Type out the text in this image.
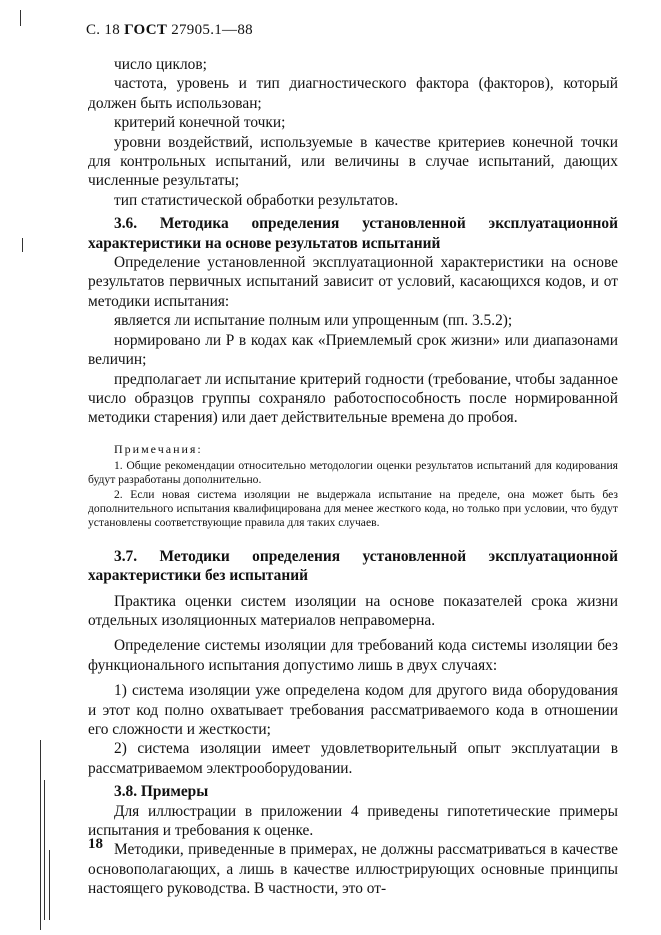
С. 18 ГОСТ 27905.1—88

число циклов;

частота, уровень и тип диагностического фактора (факторов), который должен быть использован;

критерий конечной точки;

уровни воздействий, используемые в качестве критериев конечной точки для контрольных испытаний, или величины в случае испытаний, дающих численные результаты;

тип статистической обработки результатов.

3.6. Методика определения установленной эксплуатационной характеристики на основе результатов испытаний

Определение установленной эксплуатационной характеристики на основе результатов первичных испытаний зависит от условий, касающихся кодов, и от методики испытания:

является ли испытание полным или упрощенным (пп. 3.5.2);

нормировано ли Р в кодах как «Приемлемый срок жизни» или диапазонами величин;

предполагает ли испытание критерий годности (требование, чтобы заданное число образцов группы сохраняло работоспособность после нормированной методики старения) или дает действительные времена до пробоя.

Примечания:

1. Общие рекомендации относительно методологии оценки результатов испытаний для кодирования будут разработаны дополнительно.

2. Если новая система изоляции не выдержала испытание на пределе, она может быть без дополнительного испытания квалифицирована для менее жесткого кода, но только при условии, что будут установлены соответствующие правила для таких случаев.

3.7. Методики определения установленной эксплуатационной характеристики без испытаний

Практика оценки систем изоляции на основе показателей срока жизни отдельных изоляционных материалов неправомерна.

Определение системы изоляции для требований кода системы изоляции без функционального испытания допустимо лишь в двух случаях:

1) система изоляции уже определена кодом для другого вида оборудования и этот код полно охватывает требования рассматриваемого кода в отношении его сложности и жесткости;

2) система изоляции имеет удовлетворительный опыт эксплуатации в рассматриваемом электрооборудовании.

3.8. Примеры

Для иллюстрации в приложении 4 приведены гипотетические примеры испытания и требования к оценке.

Методики, приведенные в примерах, не должны рассматриваться в качестве основополагающих, а лишь в качестве иллюстрирующих основные принципы настоящего руководства. В частности, это от-

18
